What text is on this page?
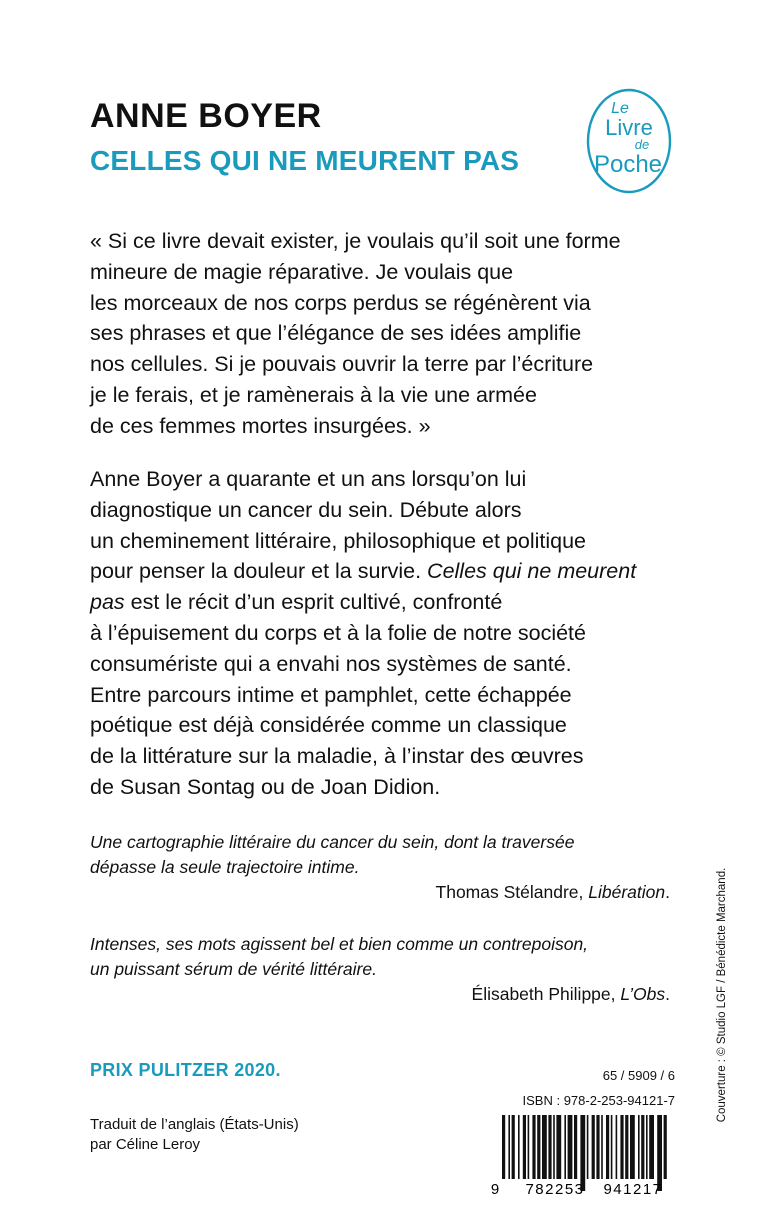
ANNE BOYER
CELLES QUI NE MEURENT PAS
Le
Livre
de
Poche
« Si ce livre devait exister, je voulais qu’il soit une forme
mineure de magie réparative. Je voulais que
les morceaux de nos corps perdus se régénèrent via
ses phrases et que l’élégance de ses idées amplifie
nos cellules. Si je pouvais ouvrir la terre par l’écriture
je le ferais, et je ramènerais à la vie une armée
de ces femmes mortes insurgées. »
Anne Boyer a quarante et un ans lorsqu’on lui
diagnostique un cancer du sein. Débute alors
un cheminement littéraire, philosophique et politique
pour penser la douleur et la survie. Celles qui ne meurent
pas est le récit d’un esprit cultivé, confronté
à l’épuisement du corps et à la folie de notre société
consumériste qui a envahi nos systèmes de santé.
Entre parcours intime et pamphlet, cette échappée
poétique est déjà considérée comme un classique
de la littérature sur la maladie, à l’instar des œuvres
de Susan Sontag ou de Joan Didion.
Une cartographie littéraire du cancer du sein, dont la traversée
dépasse la seule trajectoire intime.
Thomas Stélandre, Libération.
Intenses, ses mots agissent bel et bien comme un contrepoison,
un puissant sérum de vérité littéraire.
Élisabeth Philippe, L’Obs.
PRIX PULITZER 2020.
Traduit de l’anglais (États-Unis)
par Céline Leroy
65 / 5909 / 6
ISBN : 978-2-253-94121-7
9 782253 941217
Couverture : © Studio LGF / Bénédicte Marchand.
